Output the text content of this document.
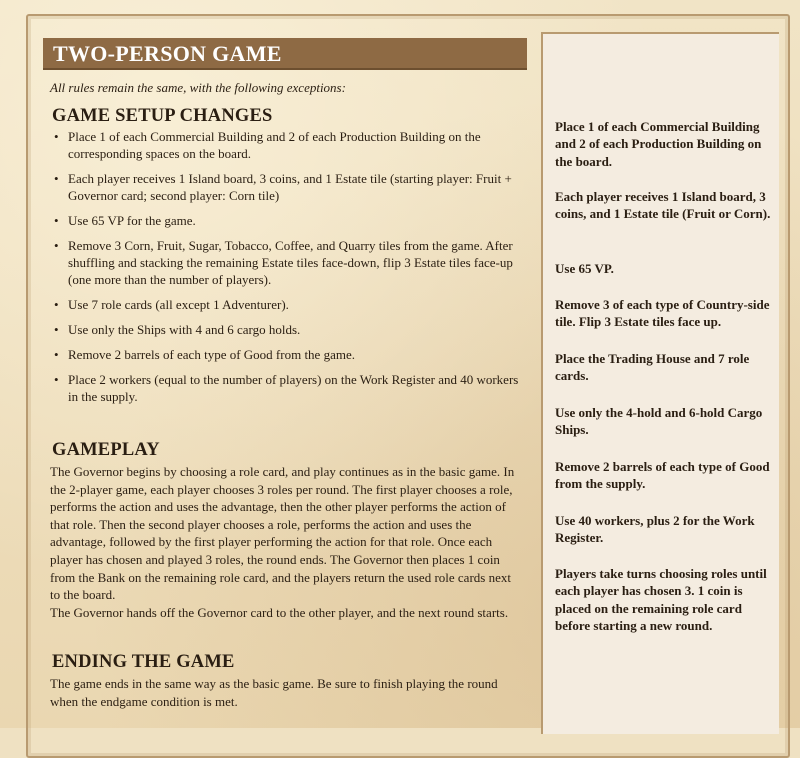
TWO-PERSON GAME
All rules remain the same, with the following exceptions:
GAME SETUP CHANGES
• Place 1 of each Commercial Building and 2 of each Production Building on the corresponding spaces on the board.
• Each player receives 1 Island board, 3 coins, and 1 Estate tile (starting player: Fruit + Governor card; second player: Corn tile)
• Use 65 VP for the game.
• Remove 3 Corn, Fruit, Sugar, Tobacco, Coffee, and Quarry tiles from the game. After shuffling and stacking the remaining Estate tiles face-down, flip 3 Estate tiles face-up (one more than the number of players).
• Use 7 role cards (all except 1 Adventurer).
• Use only the Ships with 4 and 6 cargo holds.
• Remove 2 barrels of each type of Good from the game.
• Place 2 workers (equal to the number of players) on the Work Register and 40 workers in the supply.
GAMEPLAY
The Governor begins by choosing a role card, and play continues as in the basic game. In the 2-player game, each player chooses 3 roles per round. The first player chooses a role, performs the action and uses the advantage, then the other player performs the action of that role. Then the second player chooses a role, performs the action and uses the advantage, followed by the first player performing the action for that role. Once each player has chosen and played 3 roles, the round ends. The Governor then places 1 coin from the Bank on the remaining role card, and the players return the used role cards next to the board.
The Governor hands off the Governor card to the other player, and the next round starts.
ENDING THE GAME

The game ends in the same way as the basic game. Be sure to finish playing the round when the endgame condition is met.

Place 1 of each Commercial Building and 2 of each Production Building on the board.

Each player receives 1 Island board, 3 coins, and 1 Estate tile (Fruit or Corn).

Use 65 VP.

Remove 3 of each type of Country-side tile. Flip 3 Estate tiles face up.

Place the Trading House and 7 role cards.

Use only the 4-hold and 6-hold Cargo Ships.

Remove 2 barrels of each type of Good from the supply.

Use 40 workers, plus 2 for the Work Register.

Players take turns choosing roles until each player has chosen 3. 1 coin is placed on the remaining role card before starting a new round.
